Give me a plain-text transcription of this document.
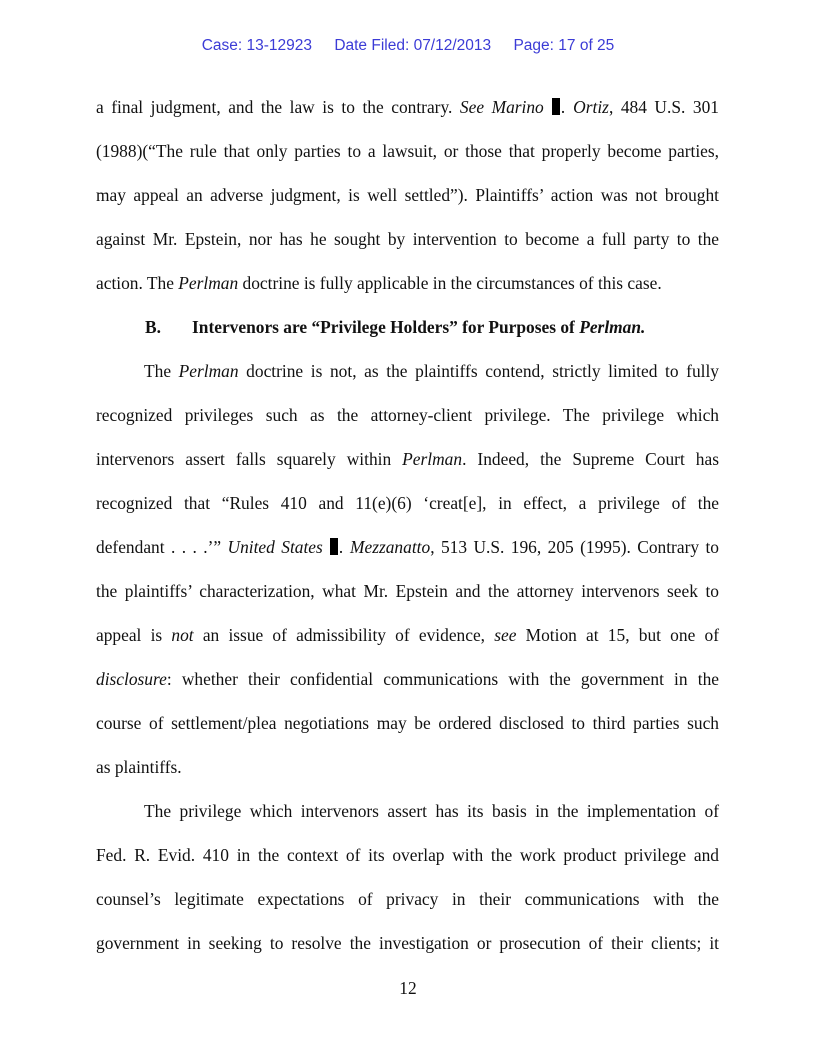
Case: 13-12923 Date Filed: 07/12/2013 Page: 17 of 25
a final judgment, and the law is to the contrary. See Marino . Ortiz, 484 U.S. 301
(1988)(“The rule that only parties to a lawsuit, or those that properly become parties,
may appeal an adverse judgment, is well settled”). Plaintiffs’ action was not brought
against Mr. Epstein, nor has he sought by intervention to become a full party to the
action. The Perlman doctrine is fully applicable in the circumstances of this case.
B. Intervenors are “Privilege Holders” for Purposes of Perlman.
The Perlman doctrine is not, as the plaintiffs contend, strictly limited to fully
recognized privileges such as the attorney-client privilege. The privilege which
intervenors assert falls squarely within Perlman. Indeed, the Supreme Court has
recognized that “Rules 410 and 11(e)(6) ‘creat[e], in effect, a privilege of the
defendant . . . .’” United States . Mezzanatto, 513 U.S. 196, 205 (1995). Contrary to
the plaintiffs’ characterization, what Mr. Epstein and the attorney intervenors seek to
appeal is not an issue of admissibility of evidence, see Motion at 15, but one of
disclosure: whether their confidential communications with the government in the
course of settlement/plea negotiations may be ordered disclosed to third parties such
as plaintiffs.
The privilege which intervenors assert has its basis in the implementation of
Fed. R. Evid. 410 in the context of its overlap with the work product privilege and
counsel’s legitimate expectations of privacy in their communications with the
government in seeking to resolve the investigation or prosecution of their clients; it
12
